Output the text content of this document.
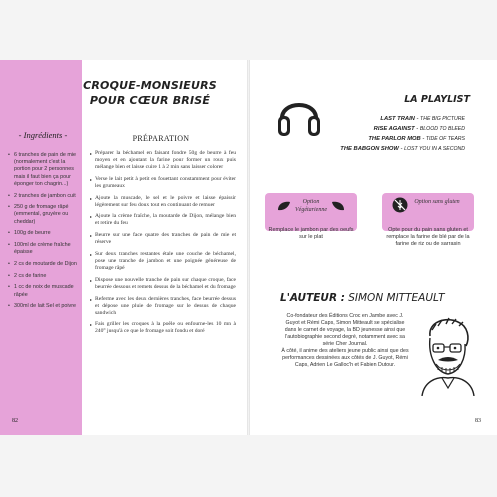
- Ingrédients -
• 6 tranches de pain de mie (normalement c'est la portion pour 2 personnes mais il faut bien ça pour éponger ton chagrin...)
• 2 tranches de jambon cuit
• 250 g de fromage râpé (emmental, gruyère ou cheddar)
• 100g de beurre
• 100ml de crème fraîche épaisse
• 2 cs de moutarde de Dijon
• 2 cs de farine
• 1 cc de noix de muscade râpée
• 300ml de lait Sel et poivre
CROQUE-MONSIEURS
POUR CŒUR BRISÉ
PRÉPARATION
▸ Préparer la béchamel en faisant fondre 50g de beurre à feu moyen et en ajoutant la farine pour former un roux puis mélange bien et laisse cuire 1 à 2 min sans laisser colorer
▸ Verse le lait petit à petit en fouettant constamment pour éviter les grumeaux
▸ Ajoute la muscade, le sel et le poivre et laisse épaissir légèrement sur feu doux tout en continuant de remuer
▸ Ajoute la crème fraîche, la moutarde de Dijon, mélange bien et retire du feu
▸ Beurre sur une face quatre des tranches de pain de mie et réserve
▸ Sur deux tranches restantes étale une couche de béchamel, pose une tranche de jambon et une poignée généreuse de fromage râpé
▸ Dispose une nouvelle tranche de pain sur chaque croque, face beurrée dessous et remets dessus de la béchamel et du fromage
▸ Referme avec les deux dernières tranches, face beurrée dessus et dépose une pluie de fromage sur le dessus de chaque sandwich
▸ Fais griller les croques à la poêle ou enfourne-les 10 mn à 240° jusqu'à ce que le fromage soit fondu et doré
82
LA PLAYLIST
LAST TRAIN - THE BIG PICTURE
RISE AGAINST - BLOOD TO BLEED
THE PARLOR MOB - TIDE OF TEARS
THE BABGON SHOW - LOST YOU IN A SECOND
Option Végétarienne
Remplace le jambon par des oeufs sur le plat
Option sans gluten
Opte pour du pain sans gluten et remplace la farine de blé par de la farine de riz ou de sarrasin
L'AUTEUR : SIMON MITTEAULT

Co-fondateur des Éditions Croc en Jambe avec J. Guyot et Rémi Caps, Simon Mitteault se spécialise dans le carnet de voyage, la BD jeunesse ainsi que l'autobiographie second degré, notamment avec sa série Cher Journal.

À côté, il anime des ateliers jeune public ainsi que des performances dessinées aux côtés de J. Guyot, Rémi Caps, Adrien Le Galloc'h et Fabien Dutour.

83
